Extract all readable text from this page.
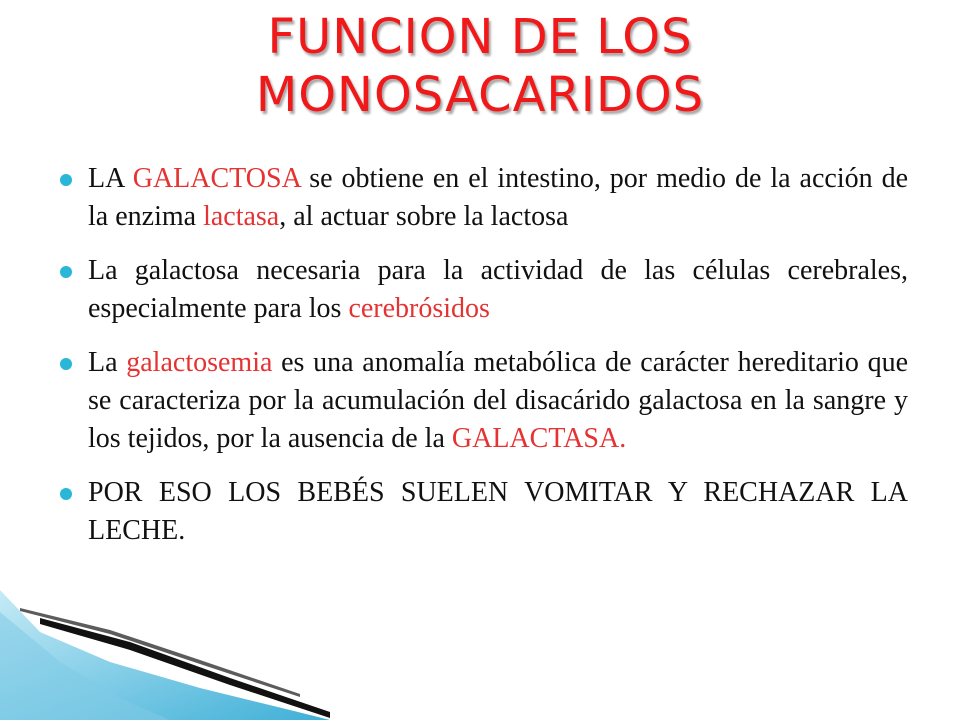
FUNCION DE LOS
MONOSACARIDOS
LA GALACTOSA se obtiene en el intestino, por medio de la acción de la enzima lactasa, al actuar sobre la lactosa
La galactosa necesaria para la actividad de las células cerebrales, especialmente para los cerebrósidos
La galactosemia es una anomalía metabólica de carácter hereditario que se caracteriza por la acumulación del disacárido galactosa en la sangre y los tejidos, por la ausencia de la GALACTASA.
POR ESO LOS BEBÉS SUELEN VOMITAR Y RECHAZAR LA LECHE.
